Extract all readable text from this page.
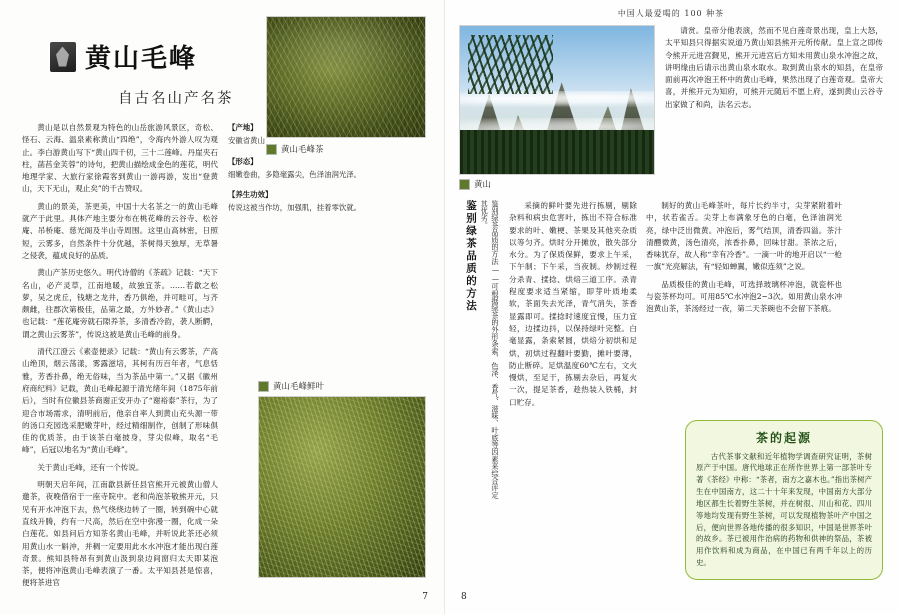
黄山毛峰
自古名山产名茶
黄山毛峰茶

黄山是以自然景观为特色的山岳旅游风景区，奇松、怪石、云海、温泉素称黄山“四绝”，令海内外游人叹为观止。李白游黄山写下“黄山四千仞，三十二莲峰。丹崖夹石柱，菡萏金芙蓉”的诗句，把黄山描绘成金色的莲花，明代地理学家、大旅行家徐霞客到黄山一游再游，发出“登黄山，天下无山，观止矣”的千古赞叹。

黄山的景美，茶更美，中国十大名茶之一的黄山毛峰就产于此里。具体产地主要分布在桃花峰的云谷寺、松谷庵、吊桥庵、慈光阁及半山寺周围。这里山高林密，日照短，云雾多，自然条件十分优越，茶树得天独厚，无草暑之侵袭，蕴成良好的品质。

黄山产茶历史悠久。明代诗僧的《茶疏》记载：“天下名山，必产灵草，江南地暖，故独宜茶。……若歙之松萝，吴之虎丘，钱塘之龙井，香乃俱绝，并可畦可，与齐颇雌，往郡次第极佳，品第之最，方外妙者。”《黄山志》也记载：“莲花庵旁就石隙养茶，多清香冷韵，袭人断齶，谓之黄山云雾茶”，传说这被是黄山毛峰的前身。

清代江澄云《素壶便录》记载：“黄山有云雾茶，产高山绝顶，烟云荡漾，雾露滋培，其柯有历百年者，气息恬雅，芳香扑鼻，绝无俗味，当为茶品中第一。”又据《徽州府商纪料》记载，黄山毛峰起源于清光绪年间（1875年前后），当时有位徽县茶商谢正安开办了“谢裕泰”茶行，为了迎合市场需求，清明前后，他亲自率人到黄山充头源一带的汤口充园选采肥嫩芽叶，经过精细制作，创制了形味俱佳的优质茶，由于该茶白毫披身，芽尖似峰，取名“毛峰”，后冠以地名为“黄山毛峰”。

关于黄山毛峰，还有一个传说。

明朝天启年间，江南歙县新任县官熊开元被黄山僧人邀茶，夜晚借宿于一座寺院中。老和尚泡茶敬熊开元，只见有开水冲泡下去，热气绕绕边转了一圈，转到碗中心就直线升腾，约有一尺高，然后在空中弥漫一圈，化成一朵白莲花。如县问后方知茶名黄山毛峰，并听说此茶还必须用黄山水一斛沖，并稠一定要用此水水冲泡才能出现白莲奇景。熊知县特昂有到黄山汲到泉边间窗归太天即某泡茶，便将冲泡黄山毛峰表演了一番。太平知县甚是惊喜，便将茶进官

【产地】
安徽省黄山
【形态】
细嫩卷曲，多隐毫露尖，色泽油润光泽。
【养生功效】
传说这被当作坊，加强肌，挂着零饮就。
黄山毛峰鲜叶
7
中国人最爱喝的 100 种茶
黄山

请赏。皇帝分他表演，然而不见白莲奇景出现，皇上大怒，太平知县只得据实说道乃黄山知县熊开元所传献。皇上宣之即传令熊开元进宫觐见，熊开元进宫后方知未用黄山泉水冲泡之故，讲明缘由后请示出黄山泉水取水。取到黄山泉水的知县，在皇帝面前再次冲泡王杯中的黄山毛峰，果然出现了白莲奇观。皇帝大喜，并熊开元为知府，可熊开元随后不愿上府，遂到黄山云谷寺出家做了和尚，法名云志。

鉴别绿茶品质的方法	鉴别绿茶品质的方法——可根据绿茶的外形条索、色泽、香气、滋味、叶底等因素来综合评定其优劣。	采摘的鲜叶要先进行拣剔，剔除杂料和病虫危害叶，拣出不符合标准要求的叶、嫩梗、茶果及其他夹杂质以等匀齐。烘时分开摊放，散失部分水分。为了保质保鲜，要求上午采，下午制；下午采，当夜制。炒制过程分杀青、揉捻、烘焙三道工序。杀青程度要求适当紧缩，即芽叶质地柔软，茶面失去光泽，青气消失，茶香显露即可。揉捻时速度宜慢，压力宜轻，边揉边抖，以保持绿叶完整。白毫显露，条索紧圆，烘焙分初烘和足烘，初烘过程翻叶要勤，摊叶要薄，防止断碎。足烘温度60℃左右，文火慢烘，至足干，拣剔去杂后，再复火一次，提足茶香，趁热装入铁桶，封口贮存。

制好的黄山毛峰茶叶，每片长约半寸，尖芽紧附着叶中，状若雀舌。尖芽上布满象牙色的白毫，色泽油润光亮，绿中泛出微黄。冲泡后，雾气结顶，清香四溢。茶汁清醴微黄，汤色清亮，浓香扑鼻，回味甘甜。茶浓之后，香味犹存，故人称“幸有冷香”。一滴一叶的地开启以“一枪一旗”光亮解法，有“轻如蝉翼，嫩似连须”之说。

品质极佳的黄山毛峰，可选择玻璃杯冲泡，就瓷杯也与瓷茶杯均可。可用85℃水冲泡2~3次。如用黄山泉水冲泡黄山茶，茶汤经过一夜，第二天茶碗也不会留下茶痕。

茶的起源

古代茶事文献和近年植物学调查研究证明，茶树原产于中国。唐代地球正在所作世界上第一部茶叶专著《茶经》中称：“茶者，南方之嘉木也。”指出茶树产生在中国南方，这二十十年来发现，中国南方大部分地区都生长着野生茶树，并在树很、川山和花、四川等地均发现有野生茶树，可以发现植物茶叶产中国之后，便向世界各地传播的很多知识，中国是世界茶叶的故乡。茶已被用作治病的药物和供神的祭品，茶被用作饮料和成为商品，在中国已有两千年以上的历史。

8
